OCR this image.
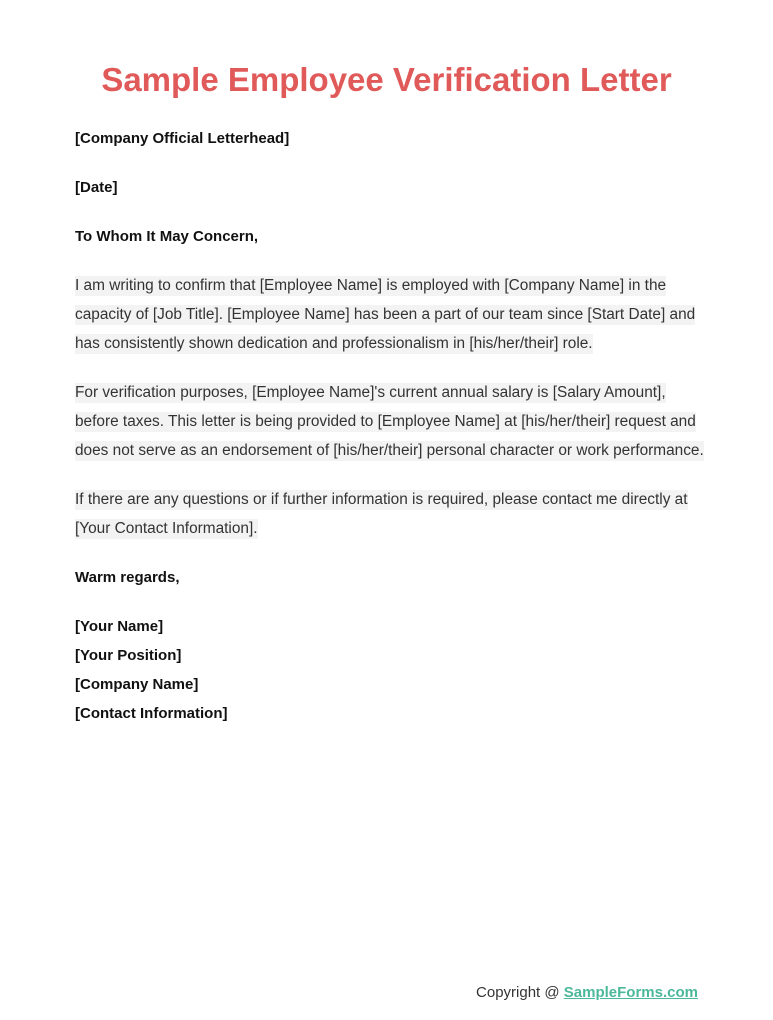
Sample Employee Verification Letter

[Company Official Letterhead]

[Date]

To Whom It May Concern,

I am writing to confirm that [Employee Name] is employed with [Company Name] in the capacity of [Job Title]. [Employee Name] has been a part of our team since [Start Date] and has consistently shown dedication and professionalism in [his/her/their] role.

For verification purposes, [Employee Name]'s current annual salary is [Salary Amount], before taxes. This letter is being provided to [Employee Name] at [his/her/their] request and does not serve as an endorsement of [his/her/their] personal character or work performance.

If there are any questions or if further information is required, please contact me directly at [Your Contact Information].

Warm regards,

[Your Name]

[Your Position]

[Company Name]

[Contact Information]

Copyright @ SampleForms.com
